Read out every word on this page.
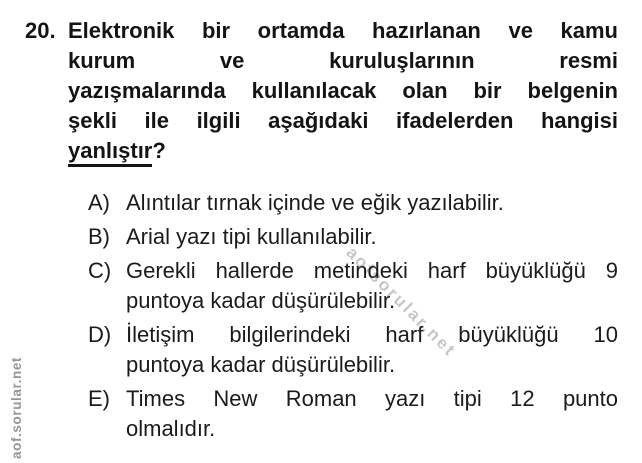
aof.sorular.net
aofsorular.net
20. Elektronik bir ortamda hazırlanan ve kamu
kurum ve kuruluşlarının resmi
yazışmalarında kullanılacak olan bir belgenin
şekli ile ilgili aşağıdaki ifadelerden hangisi
yanlıştır?
A) Alıntılar tırnak içinde ve eğik yazılabilir.
B) Arial yazı tipi kullanılabilir.
C) Gerekli hallerde metindeki harf büyüklüğü 9
puntoya kadar düşürülebilir.
D) İletişim bilgilerindeki harf büyüklüğü 10
puntoya kadar düşürülebilir.
E) Times New Roman yazı tipi 12 punto
olmalıdır.
